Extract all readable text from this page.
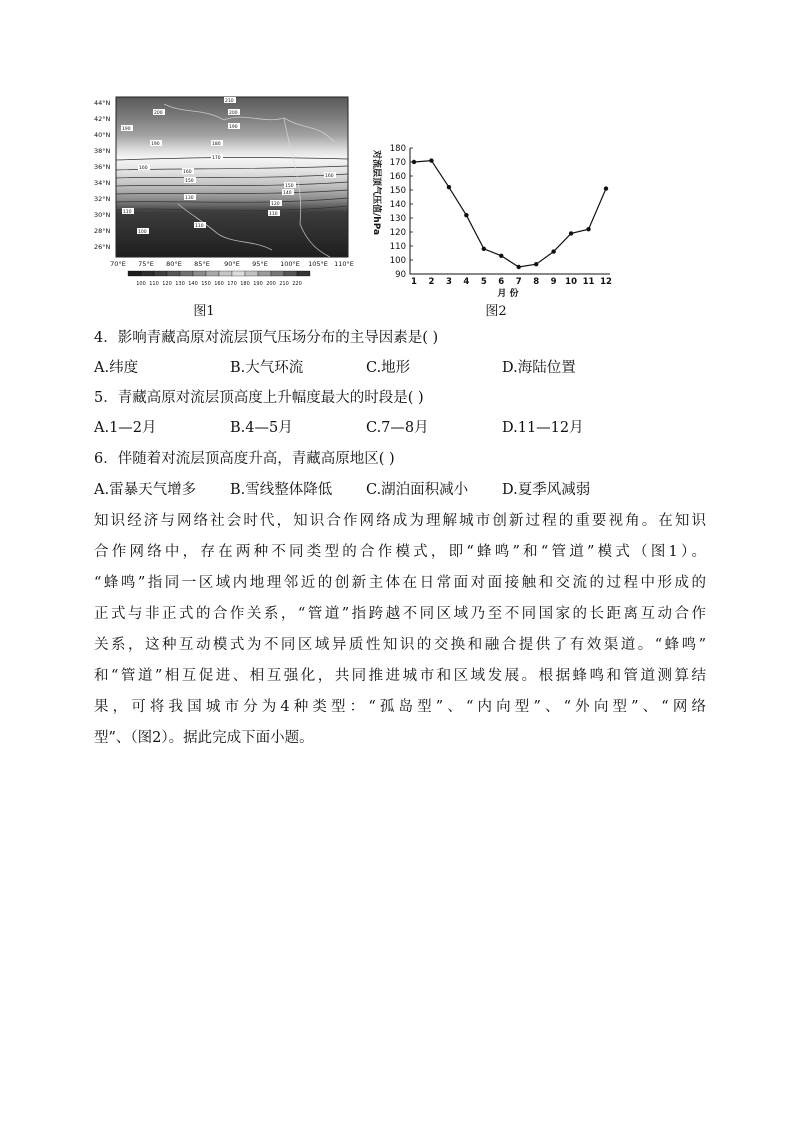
44°N
42°N
40°N
38°N
36°N
34°N
32°N
30°N
28°N
26°N
70°E 75°E 80°E 85°E 90°E 95°E 100°E 105°E 110°E
210
200	200
190	190
190	180
170
160
160
150
160
150
140
130
120
110	110
110
100
100 110 120 130 140 150 160 170 180 190 200 210 220
图1
180
170
160
150
140
130
120
110
100
90
1 2 3 4 5 6 7 8 9 10 11 12
对流层顶气压值/hPa
月 份
图2
4．影响青藏高原对流层顶气压场分布的主导因素是( )
A.纬度	B.大气环流	C.地形	D.海陆位置
5．青藏高原对流层顶高度上升幅度最大的时段是( )
A.1—2月	B.4—5月	C.7—8月	D.11—12月
6．伴随着对流层顶高度升高，青藏高原地区( )
A.雷暴天气增多 B.雪线整体降低 C.湖泊面积减小 D.夏季风减弱
知识经济与网络社会时代，知识合作网络成为理解城市创新过程的重要视角。在知识
合作网络中，存在两种不同类型的合作模式，即“蜂鸣”和“管道”模式（图1）。
“蜂鸣”指同一区域内地理邻近的创新主体在日常面对面接触和交流的过程中形成的
正式与非正式的合作关系，“管道”指跨越不同区域乃至不同国家的长距离互动合作
关系，这种互动模式为不同区域异质性知识的交换和融合提供了有效渠道。“蜂鸣”
和“管道”相互促进、相互强化，共同推进城市和区域发展。根据蜂鸣和管道测算结
果，可将我国城市分为4种类型：“孤岛型”、“内向型”、“外向型”、“网络
型”、（图2）。据此完成下面小题。
